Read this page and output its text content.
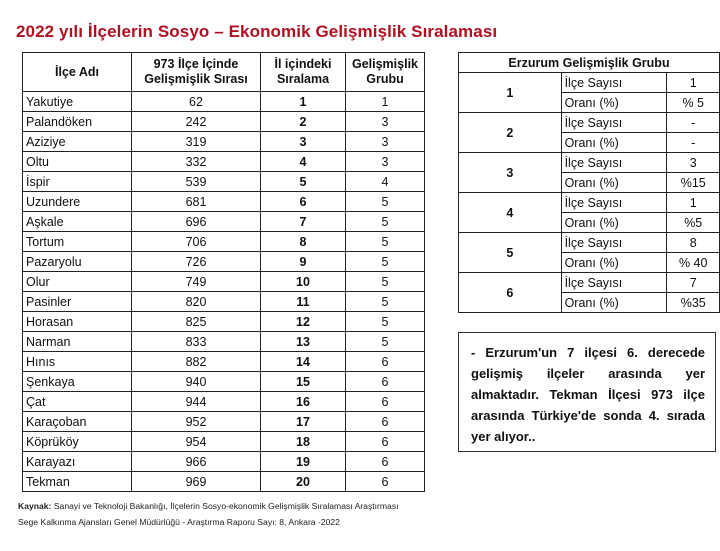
2022 yılı İlçelerin Sosyo – Ekonomik Gelişmişlik Sıralaması
İlçe Adı	973 İlçe İçinde Gelişmişlik Sırası	İl içindeki Sıralama	Gelişmişlik Grubu
Yakutiye	62	1	1
Palandöken	242	2	3
Aziziye	319	3	3
Oltu	332	4	3
İspir	539	5	4
Uzundere	681	6	5
Aşkale	696	7	5
Tortum	706	8	5
Pazaryolu	726	9	5
Olur	749	10	5
Pasinler	820	11	5
Horasan	825	12	5
Narman	833	13	5
Hınıs	882	14	6
Şenkaya	940	15	6
Çat	944	16	6
Karaçoban	952	17	6
Köprüköy	954	18	6
Karayazı	966	19	6
Tekman	969	20	6
Erzurum Gelişmişlik Grubu		
1	İlçe Sayısı	1
	Oranı (%)	% 5
2	İlçe Sayısı	-
	Oranı (%)	-
3	İlçe Sayısı	3
	Oranı (%)	%15
4	İlçe Sayısı	1
	Oranı (%)	%5
5	İlçe Sayısı	8
	Oranı (%)	% 40
6	İlçe Sayısı	7
	Oranı (%)	%35
- Erzurum'un 7 ilçesi 6. derecede gelişmiş ilçeler arasında yer almaktadır. Tekman İlçesi 973 ilçe arasında Türkiye'de sonda 4. sırada yer alıyor..
Kaynak: Sanayi ve Teknoloji Bakanlığı, İlçelerin Sosyo-ekonomik Gelişmişlik Sıralaması Araştırması
Sege Kalkınma Ajansları Genel Müdürlüğü - Araştırma Raporu Sayı: 8, Ankara -2022
